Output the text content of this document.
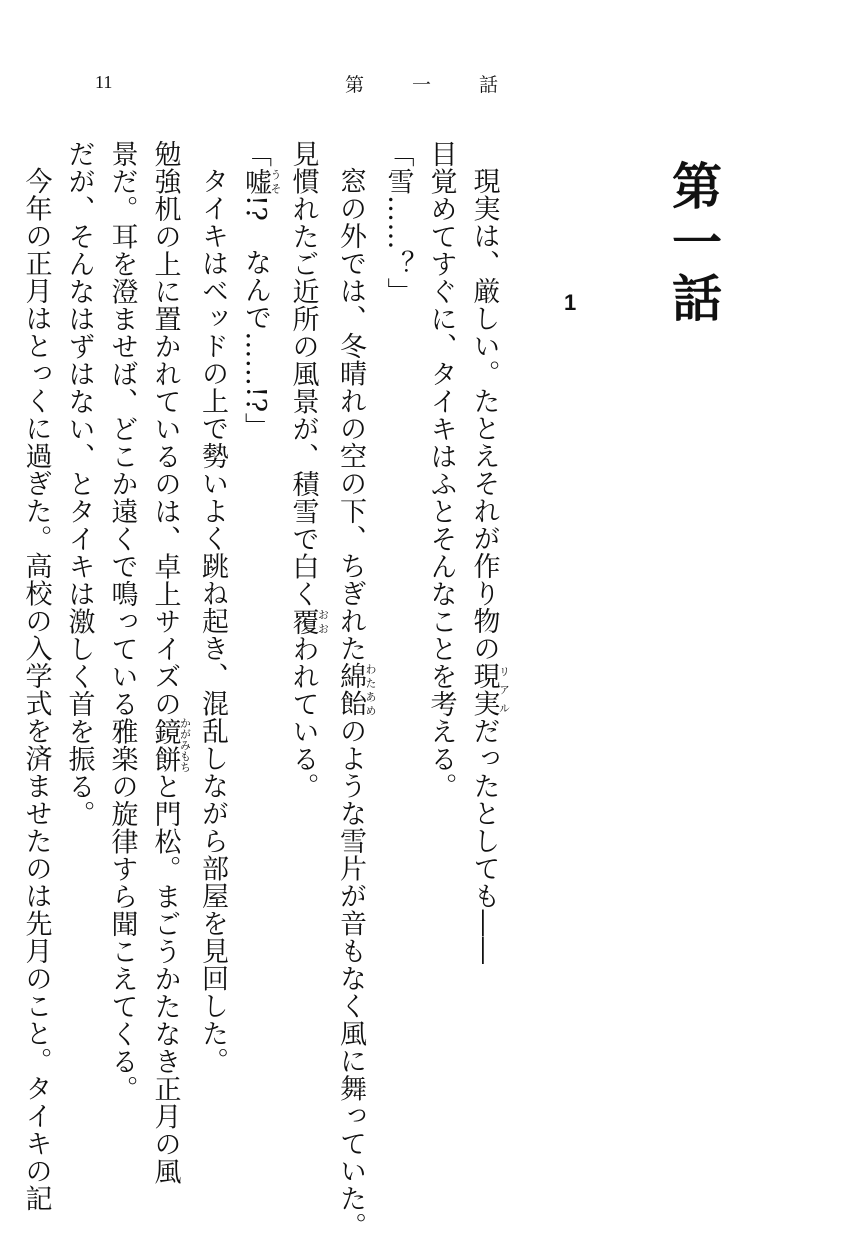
11	第一話
第一話
1

現実は、厳しい。たとえそれが作り物の現実リアルだったとしても――

目覚めてすぐに、タイキはふとそんなことを考える。

「雪……？」

窓の外では、冬晴れの空の下、ちぎれた綿飴わたあめのような雪片が音もなく風に舞っていた。

見慣れたご近所の風景が、積雪で白く覆おおわれている。

「嘘うそ!?　なんで……!?」

タイキはベッドの上で勢いよく跳ね起き、混乱しながら部屋を見回した。

勉強机の上に置かれているのは、卓上サイズの鏡餅かがみもちと門松。まごうかたなき正月の風

景だ。耳を澄ませば、どこか遠くで鳴っている雅楽の旋律すら聞こえてくる。

だが、そんなはずはない、とタイキは激しく首を振る。

今年の正月はとっくに過ぎた。高校の入学式を済ませたのは先月のこと。タイキの記
